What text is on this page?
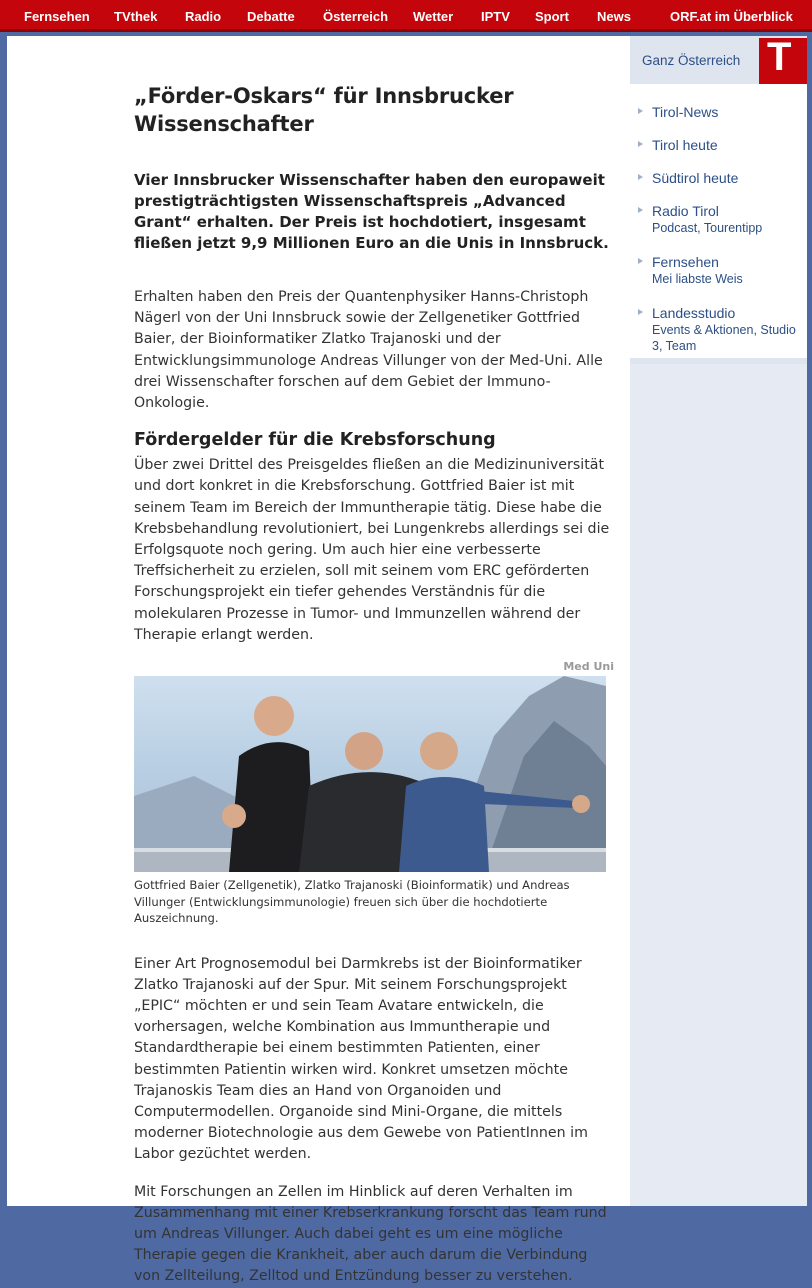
Fernsehen TVthek Radio Debatte Österreich Wetter IPTV Sport News	ORF.at im Überblick
„Förder-Oskars“ für Innsbrucker Wissenschafter

Vier Innsbrucker Wissenschafter haben den europaweit prestigträchtigsten Wissenschaftspreis „Advanced Grant“ erhalten. Der Preis ist hochdotiert, insgesamt fließen jetzt 9,9 Millionen Euro an die Unis in Innsbruck.

Erhalten haben den Preis der Quantenphysiker Hanns-Christoph Nägerl von der Uni Innsbruck sowie der Zellgenetiker Gottfried Baier, der Bioinformatiker Zlatko Trajanoski und der Entwicklungsimmunologe Andreas Villunger von der Med-Uni. Alle drei Wissenschafter forschen auf dem Gebiet der Immuno-Onkologie.

Fördergelder für die Krebsforschung

Über zwei Drittel des Preisgeldes fließen an die Medizinuniversität und dort konkret in die Krebsforschung. Gottfried Baier ist mit seinem Team im Bereich der Immuntherapie tätig. Diese habe die Krebsbehandlung revolutioniert, bei Lungenkrebs allerdings sei die Erfolgsquote noch gering. Um auch hier eine verbesserte Treffsicherheit zu erzielen, soll mit seinem vom ERC geförderten Forschungsprojekt ein tiefer gehendes Verständnis für die molekularen Prozesse in Tumor- und Immunzellen während der Therapie erlangt werden.

Med Uni

Gottfried Baier (Zellgenetik), Zlatko Trajanoski (Bioinformatik) und Andreas Villunger (Entwicklungsimmunologie) freuen sich über die hochdotierte Auszeichnung.

Einer Art Prognosemodul bei Darmkrebs ist der Bioinformatiker Zlatko Trajanoski auf der Spur. Mit seinem Forschungsprojekt „EPIC“ möchten er und sein Team Avatare entwickeln, die vorhersagen, welche Kombination aus Immuntherapie und Standardtherapie bei einem bestimmten Patienten, einer bestimmten Patientin wirken wird. Konkret umsetzen möchte Trajanoskis Team dies an Hand von Organoiden und Computermodellen. Organoide sind Mini-Organe, die mittels moderner Biotechnologie aus dem Gewebe von PatientInnen im Labor gezüchtet werden.

Mit Forschungen an Zellen im Hinblick auf deren Verhalten im Zusammenhang mit einer Krebserkrankung forscht das Team rund um Andreas Villunger. Auch dabei geht es um eine mögliche Therapie gegen die Krankheit, aber auch darum die Verbindung von Zellteilung, Zelltod und Entzündung besser zu verstehen.

Ganz Österreich T
Tirol-News
Tirol heute
Südtirol heute
Radio Tirol
Podcast, Tourentipp
Fernsehen
Mei liabste Weis
Landesstudio
Events & Aktionen, Studio 3, Team
